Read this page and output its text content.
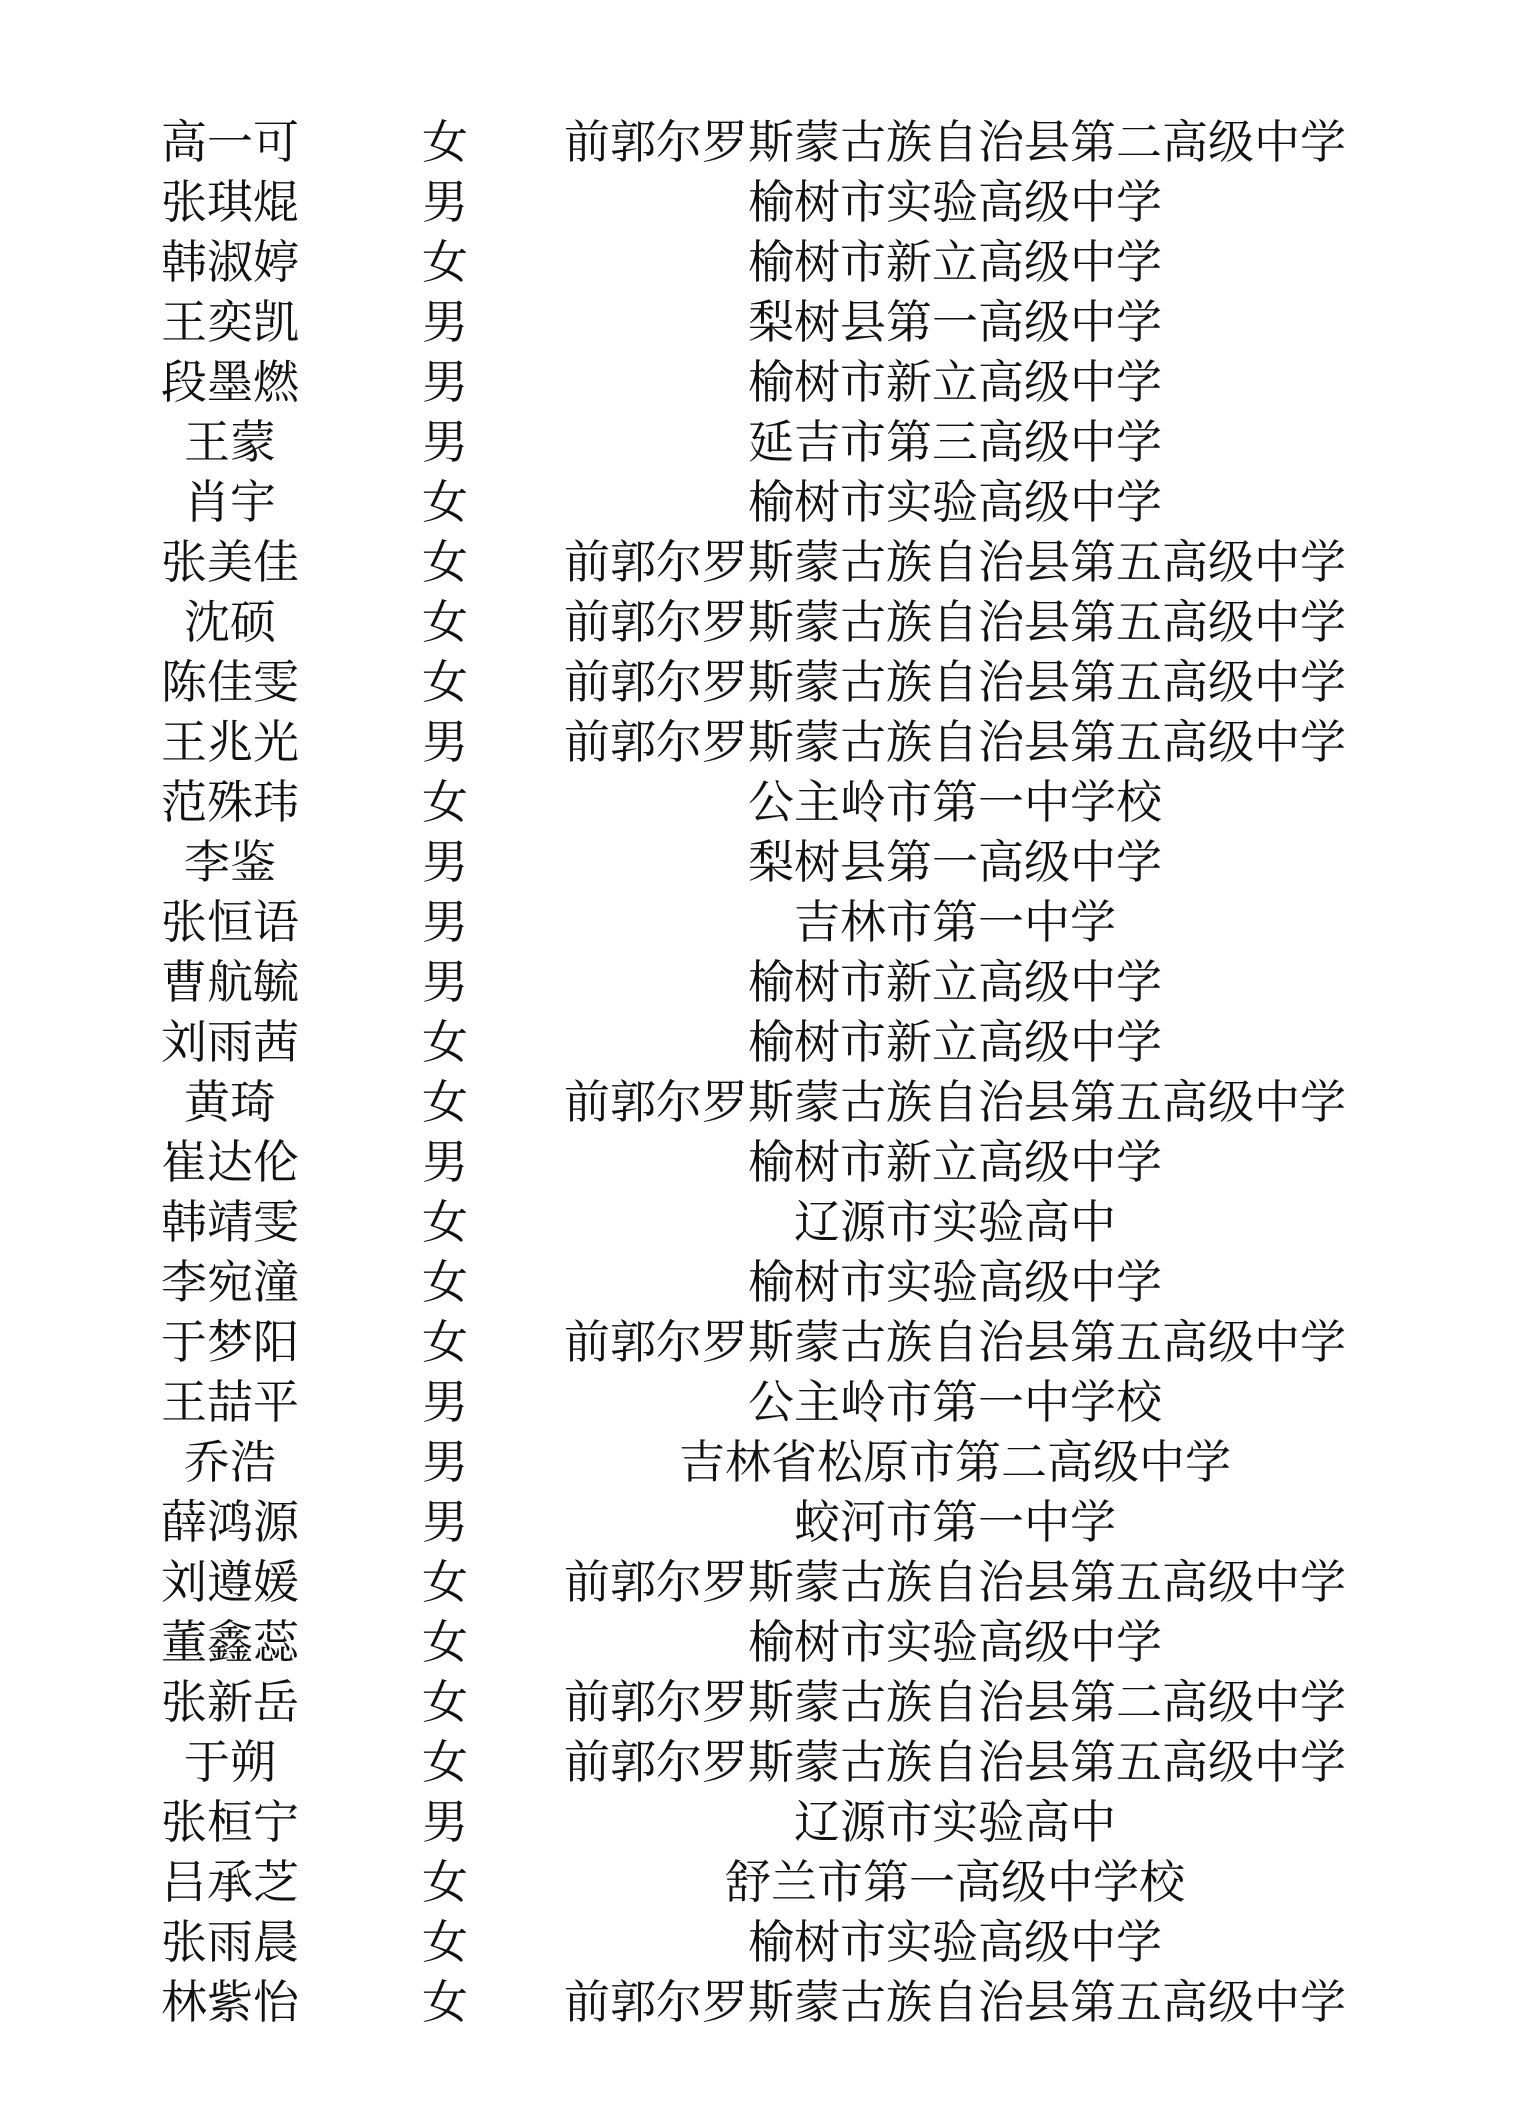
高一可	女	前郭尔罗斯蒙古族自治县第二高级中学
张琪焜	男	榆树市实验高级中学
韩淑婷	女	榆树市新立高级中学
王奕凯	男	梨树县第一高级中学
段墨燃	男	榆树市新立高级中学
王蒙	男	延吉市第三高级中学
肖宇	女	榆树市实验高级中学
张美佳	女	前郭尔罗斯蒙古族自治县第五高级中学
沈硕	女	前郭尔罗斯蒙古族自治县第五高级中学
陈佳雯	女	前郭尔罗斯蒙古族自治县第五高级中学
王兆光	男	前郭尔罗斯蒙古族自治县第五高级中学
范殊玮	女	公主岭市第一中学校
李鉴	男	梨树县第一高级中学
张恒语	男	吉林市第一中学
曹航毓	男	榆树市新立高级中学
刘雨茜	女	榆树市新立高级中学
黄琦	女	前郭尔罗斯蒙古族自治县第五高级中学
崔达伦	男	榆树市新立高级中学
韩靖雯	女	辽源市实验高中
李宛潼	女	榆树市实验高级中学
于梦阳	女	前郭尔罗斯蒙古族自治县第五高级中学
王喆平	男	公主岭市第一中学校
乔浩	男	吉林省松原市第二高级中学
薛鸿源	男	蛟河市第一中学
刘遵媛	女	前郭尔罗斯蒙古族自治县第五高级中学
董鑫蕊	女	榆树市实验高级中学
张新岳	女	前郭尔罗斯蒙古族自治县第二高级中学
于朔	女	前郭尔罗斯蒙古族自治县第五高级中学
张桓宁	男	辽源市实验高中
吕承芝	女	舒兰市第一高级中学校
张雨晨	女	榆树市实验高级中学
林紫怡	女	前郭尔罗斯蒙古族自治县第五高级中学
